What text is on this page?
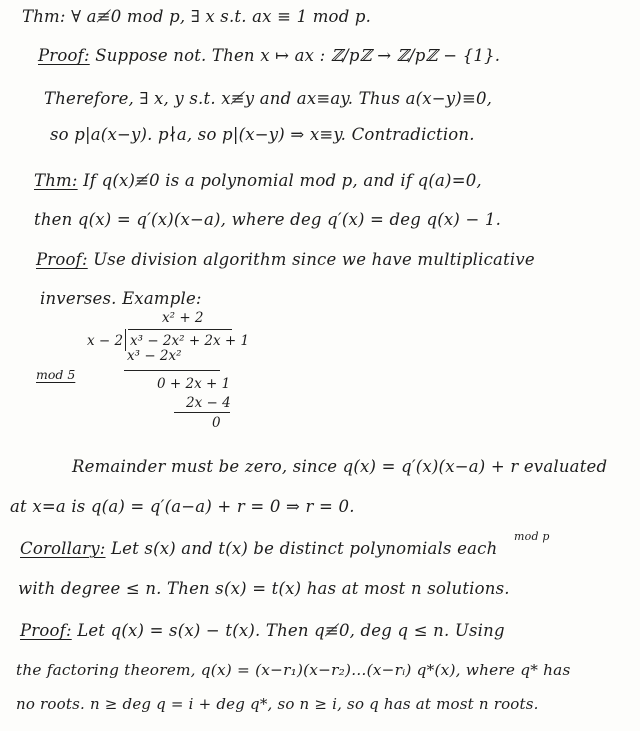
Thm: ∀ a≢0 mod p, ∃ x s.t. ax ≡ 1 mod p.
Proof: Suppose not. Then x ↦ ax : ℤ/pℤ → ℤ/pℤ − {1}.
Therefore, ∃ x, y s.t. x≢y and ax≡ay. Thus a(x−y)≡0,
so p|a(x−y). p∤a, so p|(x−y) ⇒ x≡y. Contradiction.
Thm: If q(x)≢0 is a polynomial mod p, and if q(a)=0,
then q(x) = q′(x)(x−a), where deg q′(x) = deg q(x) − 1.
Proof: Use division algorithm since we have multiplicative
inverses. Example:
x² + 2
x − 2 x³ − 2x² + 2x + 1
x³ − 2x²
0 + 2x + 1
2x − 4
0
mod 5
Remainder must be zero, since q(x) = q′(x)(x−a) + r evaluated
at x=a is q(a) = q′(a−a) + r = 0 ⇒ r = 0.
Corollary: Let s(x) and t(x) be distinct polynomials each
mod p
with degree ≤ n. Then s(x) = t(x) has at most n solutions.
Proof: Let q(x) = s(x) − t(x). Then q≢0, deg q ≤ n. Using
the factoring theorem, q(x) = (x−r₁)(x−r₂)…(x−rᵢ) q*(x), where q* has
no roots. n ≥ deg q = i + deg q*, so n ≥ i, so q has at most n roots.
